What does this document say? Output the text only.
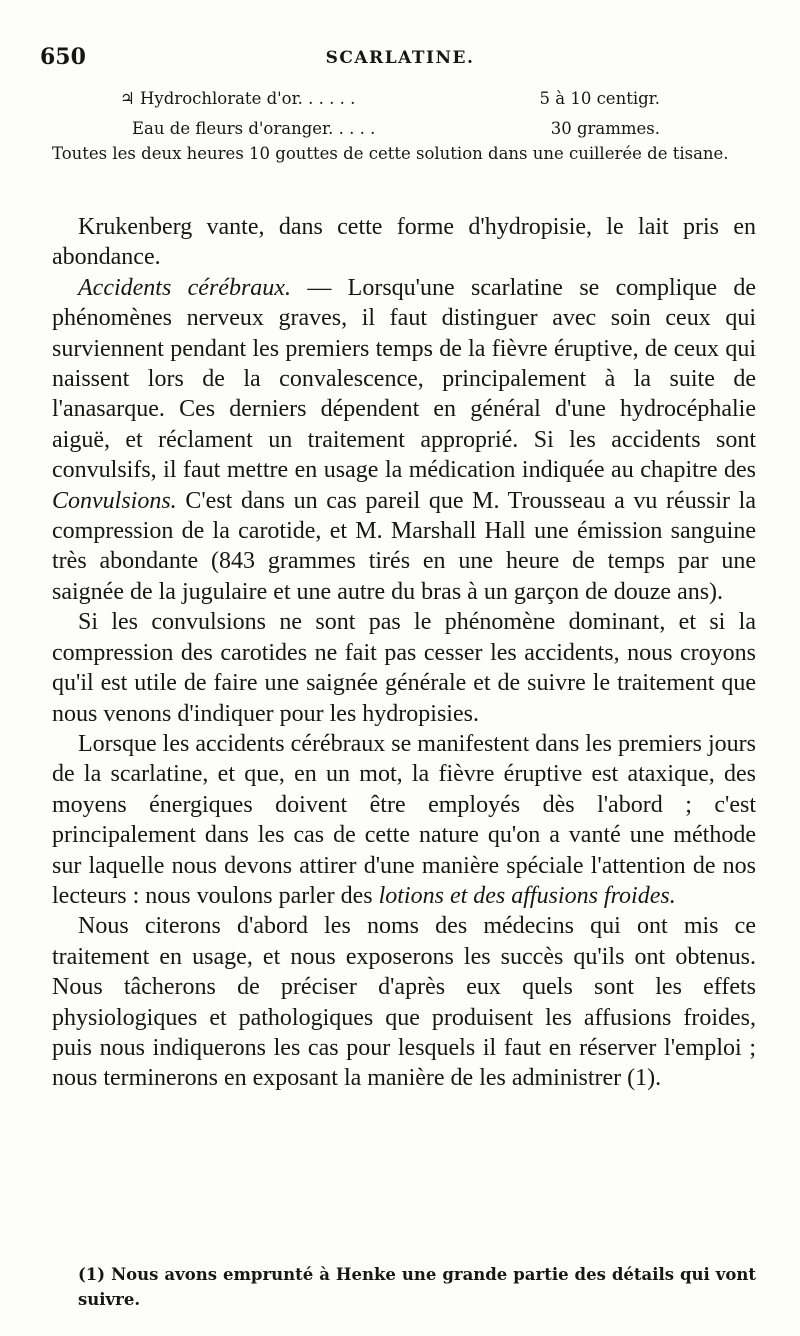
650	SCARLATINE.
♃ Hydrochlorate d'or. . . . . .	5 à 10 centigr.
Eau de fleurs d'oranger. . . . .	30 grammes.
Toutes les deux heures 10 gouttes de cette solution dans une cuillerée de tisane.

Krukenberg vante, dans cette forme d'hydropisie, le lait pris en abondance.

Accidents cérébraux. — Lorsqu'une scarlatine se complique de phénomènes nerveux graves, il faut distinguer avec soin ceux qui surviennent pendant les premiers temps de la fièvre éruptive, de ceux qui naissent lors de la convalescence, principalement à la suite de l'anasarque. Ces derniers dépendent en général d'une hydrocéphalie aiguë, et réclament un traitement approprié. Si les accidents sont convulsifs, il faut mettre en usage la médication indiquée au chapitre des Convulsions. C'est dans un cas pareil que M. Trousseau a vu réussir la compression de la carotide, et M. Marshall Hall une émission sanguine très abondante (843 grammes tirés en une heure de temps par une saignée de la jugulaire et une autre du bras à un garçon de douze ans).

Si les convulsions ne sont pas le phénomène dominant, et si la compression des carotides ne fait pas cesser les accidents, nous croyons qu'il est utile de faire une saignée générale et de suivre le traitement que nous venons d'indiquer pour les hydropisies.

Lorsque les accidents cérébraux se manifestent dans les premiers jours de la scarlatine, et que, en un mot, la fièvre éruptive est ataxique, des moyens énergiques doivent être employés dès l'abord ; c'est principalement dans les cas de cette nature qu'on a vanté une méthode sur laquelle nous devons attirer d'une manière spéciale l'attention de nos lecteurs : nous voulons parler des lotions et des affusions froides.

Nous citerons d'abord les noms des médecins qui ont mis ce traitement en usage, et nous exposerons les succès qu'ils ont obtenus. Nous tâcherons de préciser d'après eux quels sont les effets physiologiques et pathologiques que produisent les affusions froides, puis nous indiquerons les cas pour lesquels il faut en réserver l'emploi ; nous terminerons en exposant la manière de les administrer (1).

(1) Nous avons emprunté à Henke une grande partie des détails qui vont suivre.
